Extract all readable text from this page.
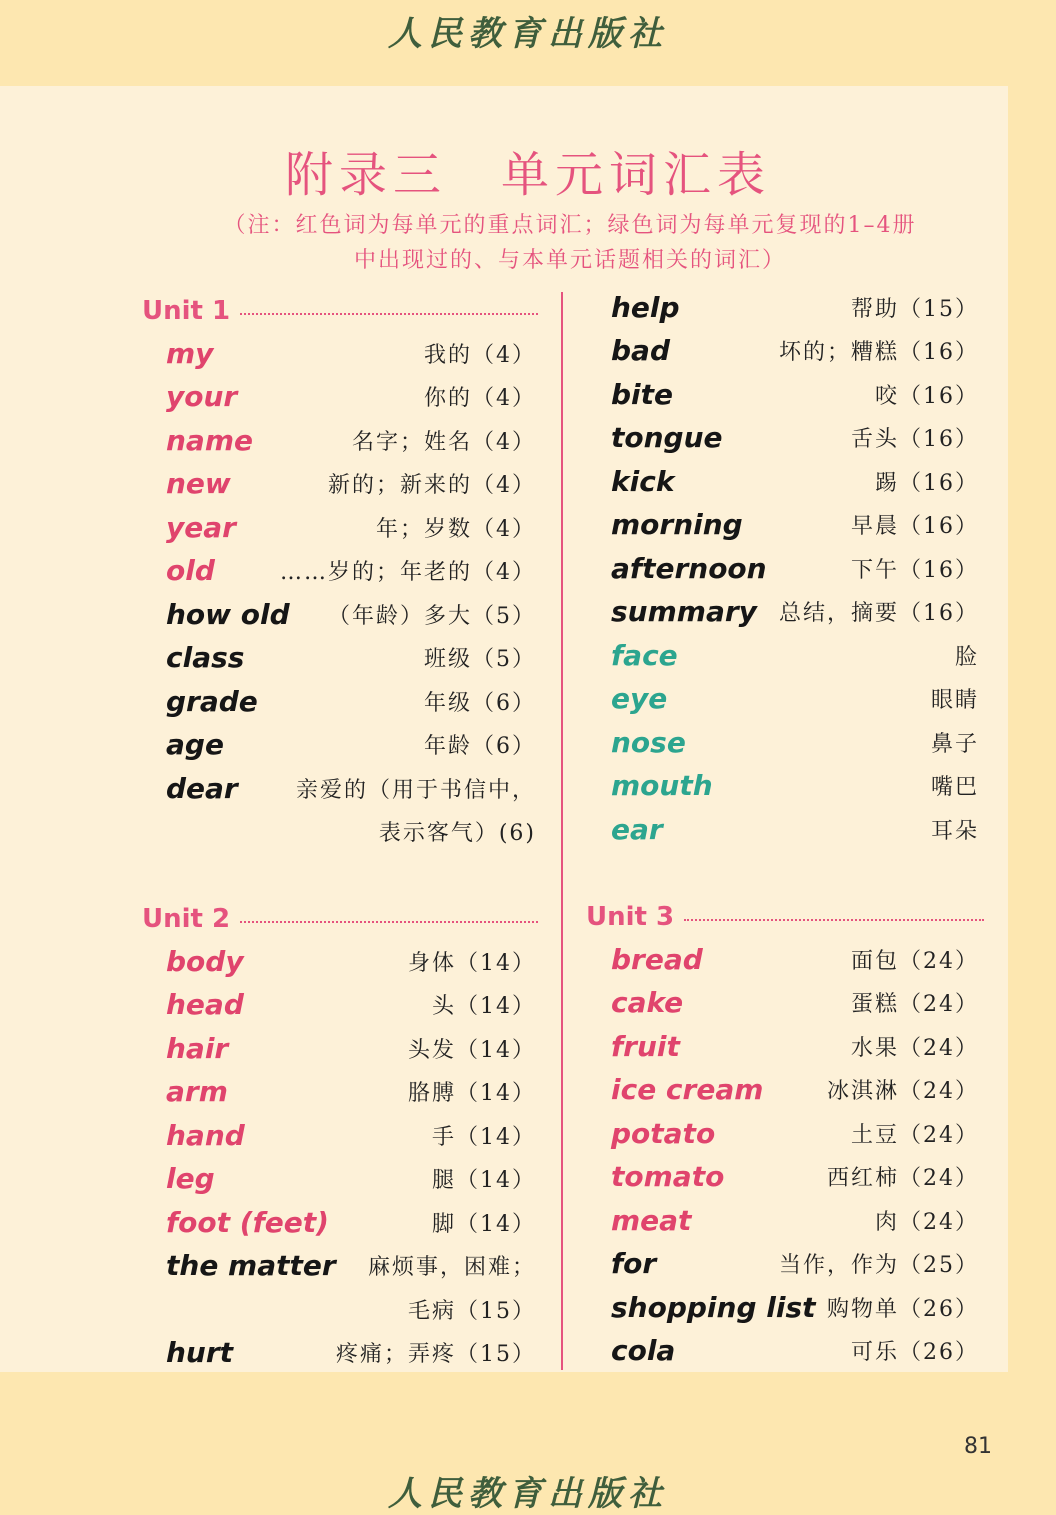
人民教育出版社
附录三　单元词汇表
（注：红色词为每单元的重点词汇；绿色词为每单元复现的1–4册
中出现过的、与本单元话题相关的词汇）
Unit 1
my	我的（4）
your	你的（4）
name	名字；姓名（4）
new	新的；新来的（4）
year	年；岁数（4）
old	……岁的；年老的（4）
how old （年龄）多大（5）
class	班级（5）
grade	年级（6）
age	年龄（6）
dear	亲爱的（用于书信中，
表示客气）(6)
help	帮助（15）
bad	坏的；糟糕（16）
bite	咬（16）
tongue	舌头（16）
kick	踢（16）
morning	早晨（16）
afternoon	下午（16）
summary 总结，摘要（16）
face	脸
eye	眼睛
nose	鼻子
mouth	嘴巴
ear	耳朵
Unit 2
body	身体（14）
head	头（14）
hair	头发（14）
arm	胳膊（14）
hand	手（14）
leg	腿（14）
foot (feet)	脚（14）
the matter 麻烦事，困难；
毛病（15）
hurt	疼痛；弄疼（15）
Unit 3
bread	面包（24）
cake	蛋糕（24）
fruit	水果（24）
ice cream	冰淇淋（24）
potato	土豆（24）
tomato	西红柿（24）
meat	肉（24）
for	当作，作为（25）
shopping list 购物单（26）
cola	可乐（26）
81
人民教育出版社
